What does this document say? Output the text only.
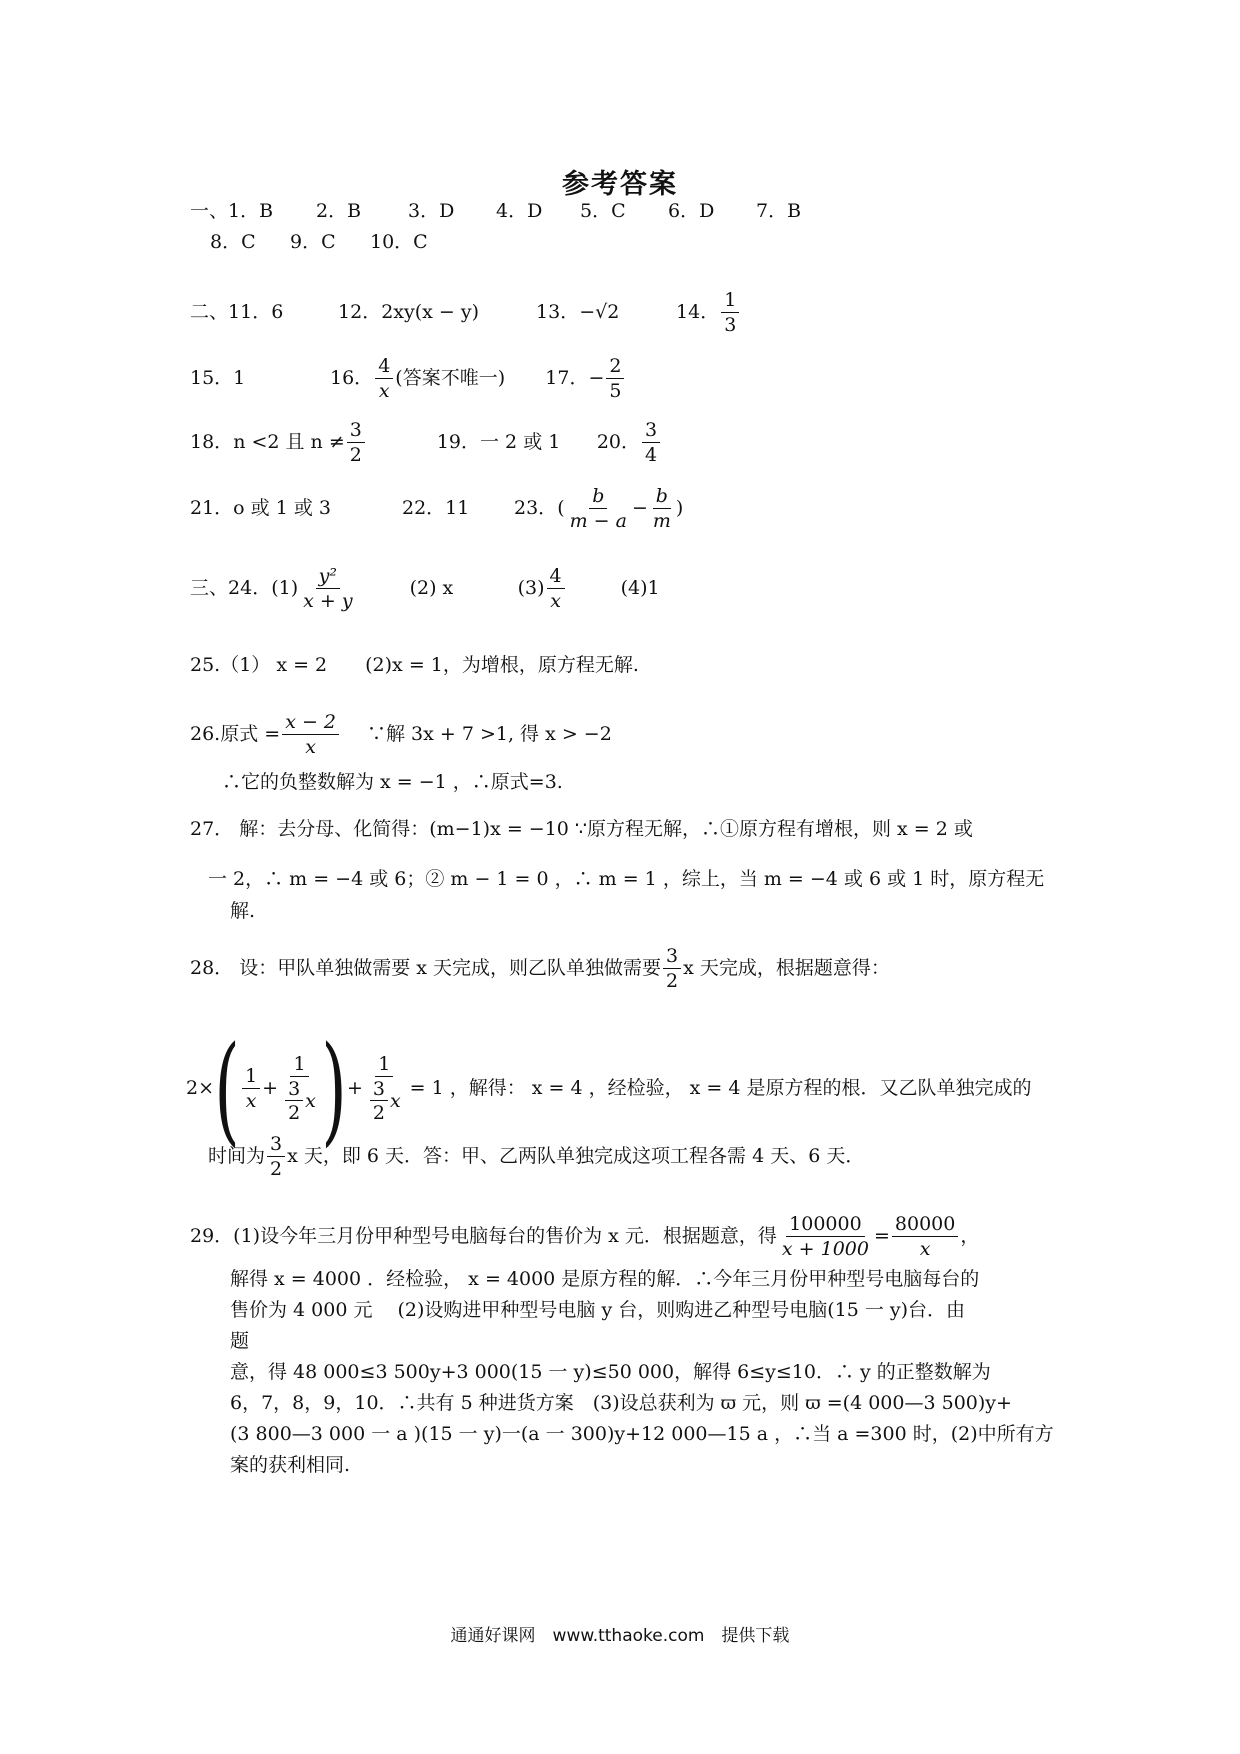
参考答案
一、1．B 2．B 3．D 4．D 5．C 6．D 7．B
8．C 9．C 10．C
二、11．6	12．2xy(x − y)	13．−√2	14． $\frac{1}{3}$
15．1	16． $\frac{4}{x}$ (答案不唯一) 17．− $\frac{2}{5}$
18．n <2 且 $n \ne \frac{3}{2}$	19．一 2 或 1 20． $\frac{3}{4}$
21．o 或 1 或 3	22．11 23．( $\frac{b}{m - a} - \frac{b}{m}$ )
三、24．$(1) \frac{\text{y²}}{x + y}$	(2) x	$(3) \frac{4}{x}$	(4)1
25.（1） x = 2　　(2)x = 1，为增根，原方程无解.
26.原式 = $\frac{x - 2}{x}$ ∵解 3x + 7 >1, 得 x > −2
∴它的负整数解为 x = −1 ，∴原式=3.
27． 解：去分母、化简得：(m−1)x = −10 ∵原方程无解，∴①原方程有增根，则 x = 2 或
一 2，∴ m = −4 或 6；② m − 1 = 0 ，∴ m = 1 ，综上，当 m = −4 或 6 或 1 时，原方程无
解.
28． 设：甲队单独做需要 x 天完成，则乙队单独做需要 $\frac{3}{2}$ x 天完成，根据题意得：
$2\times( \frac{1}{x} + \frac{1}{\frac{3}{2} x}$ )+ $\frac{1}{\frac{3}{2} x} = 1$ ，解得： x = 4 ，经检验， x = 4 是原方程的根．又乙队单独完成的
时间为 $\frac{3}{2}$ x 天，即 6 天．答：甲、乙两队单独完成这项工程各需 4 天、6 天．
29．(1)设今年三月份甲种型号电脑每台的售价为 x 元．根据题意，得 $\frac{100000}{x + 1000} = \frac{80000}{x}$ ，
解得 x = 4000 ．经检验， x = 4000 是原方程的解．∴今年三月份甲种型号电脑每台的
售价为 4 000 元　 (2)设购进甲种型号电脑 y 台，则购进乙种型号电脑(15 一 y)台．由
题
意，得 48 000≤3 500y+3 000(15 一 y)≤50 000，解得 6≤y≤10．∴ y 的正整数解为
6，7，8，9，10．∴共有 5 种进货方案　(3)设总获利为 ϖ 元，则 ϖ =(4 000—3 500)y+
(3 800—3 000 一 a )(15 一 y)一(a 一 300)y+12 000—15 a ，∴当 a =300 时，(2)中所有方
案的获利相同.
通通好课网　www.tthaoke.com　提供下载
